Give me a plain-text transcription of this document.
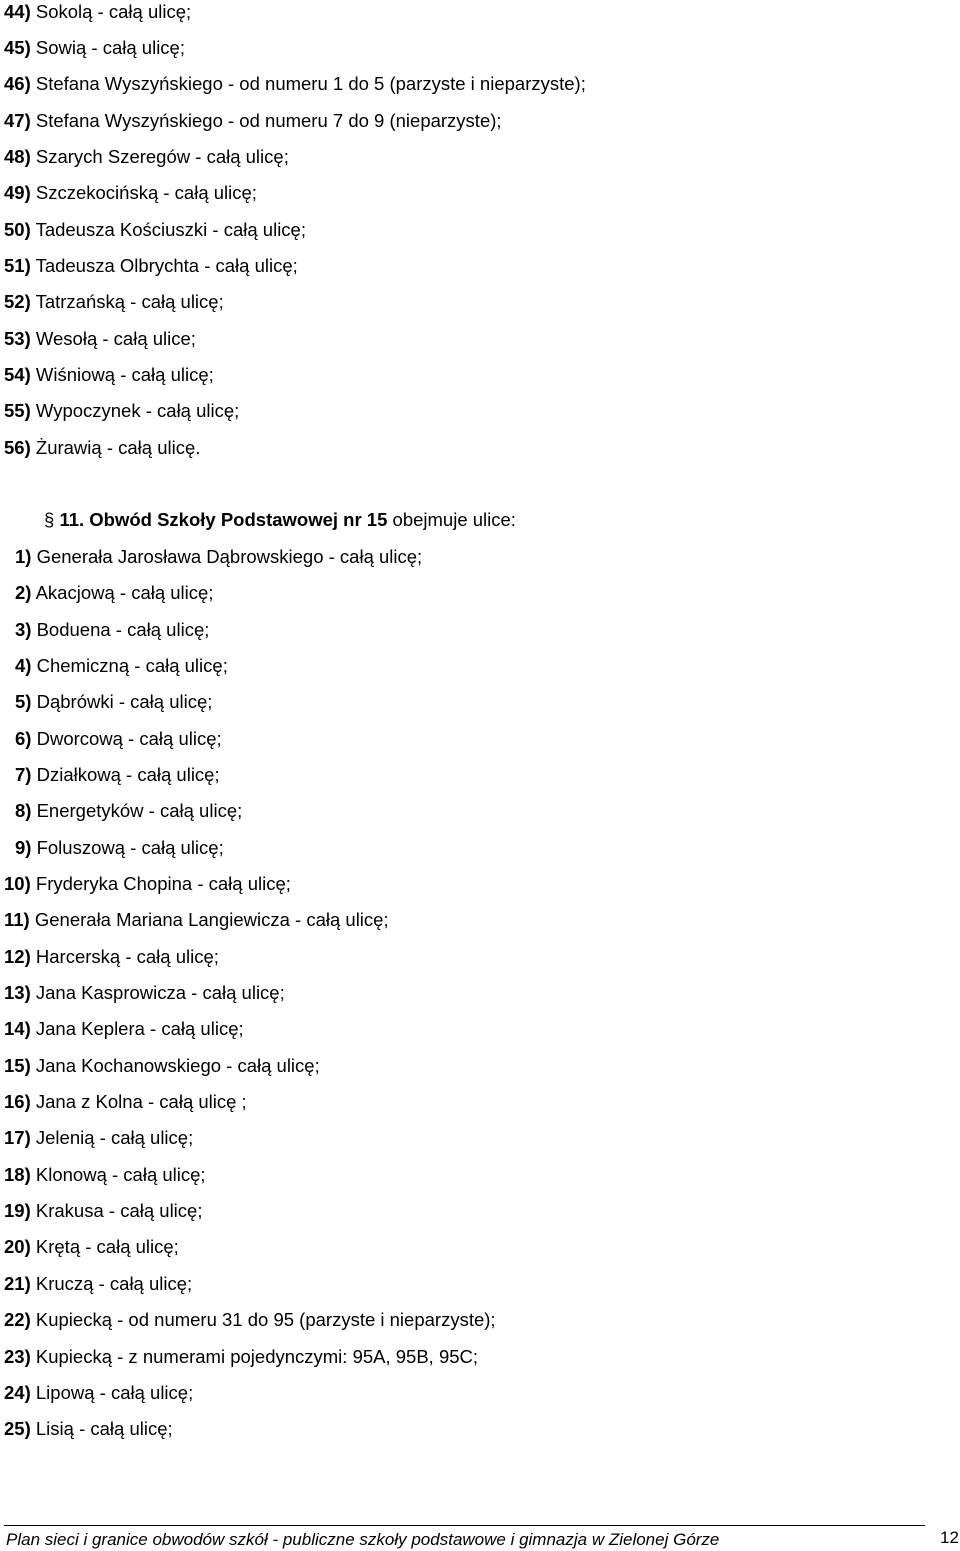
44) Sokolą - całą ulicę;
45) Sowią - całą ulicę;
46) Stefana Wyszyńskiego - od numeru 1 do 5 (parzyste i nieparzyste);
47) Stefana Wyszyńskiego - od numeru 7 do 9 (nieparzyste);
48) Szarych Szeregów - całą ulicę;
49) Szczekocińską - całą ulicę;
50) Tadeusza Kościuszki - całą ulicę;
51) Tadeusza Olbrychta - całą ulicę;
52) Tatrzańską - całą ulicę;
53) Wesołą - całą ulice;
54) Wiśniową - całą ulicę;
55) Wypoczynek - całą ulicę;
56) Żurawią - całą ulicę.
§ 11. Obwód Szkoły Podstawowej nr 15 obejmuje ulice:
1) Generała Jarosława Dąbrowskiego - całą ulicę;
2) Akacjową - całą ulicę;
3) Boduena - całą ulicę;
4) Chemiczną - całą ulicę;
5) Dąbrówki - całą ulicę;
6) Dworcową - całą ulicę;
7) Działkową - całą ulicę;
8) Energetyków - całą ulicę;
9) Foluszową - całą ulicę;
10) Fryderyka Chopina - całą ulicę;
11) Generała Mariana Langiewicza - całą ulicę;
12) Harcerską - całą ulicę;
13) Jana Kasprowicza - całą ulicę;
14) Jana Keplera - całą ulicę;
15) Jana Kochanowskiego - całą ulicę;
16) Jana z Kolna - całą ulicę ;
17) Jelenią - całą ulicę;
18) Klonową - całą ulicę;
19) Krakusa - całą ulicę;
20) Krętą - całą ulicę;
21) Kruczą - całą ulicę;
22) Kupiecką - od numeru 31 do 95 (parzyste i nieparzyste);
23) Kupiecką - z numerami pojedynczymi: 95A, 95B, 95C;
24) Lipową - całą ulicę;
25) Lisią - całą ulicę;
Plan sieci i granice obwodów szkół - publiczne szkoły podstawowe i gimnazja w Zielonej Górze	12
